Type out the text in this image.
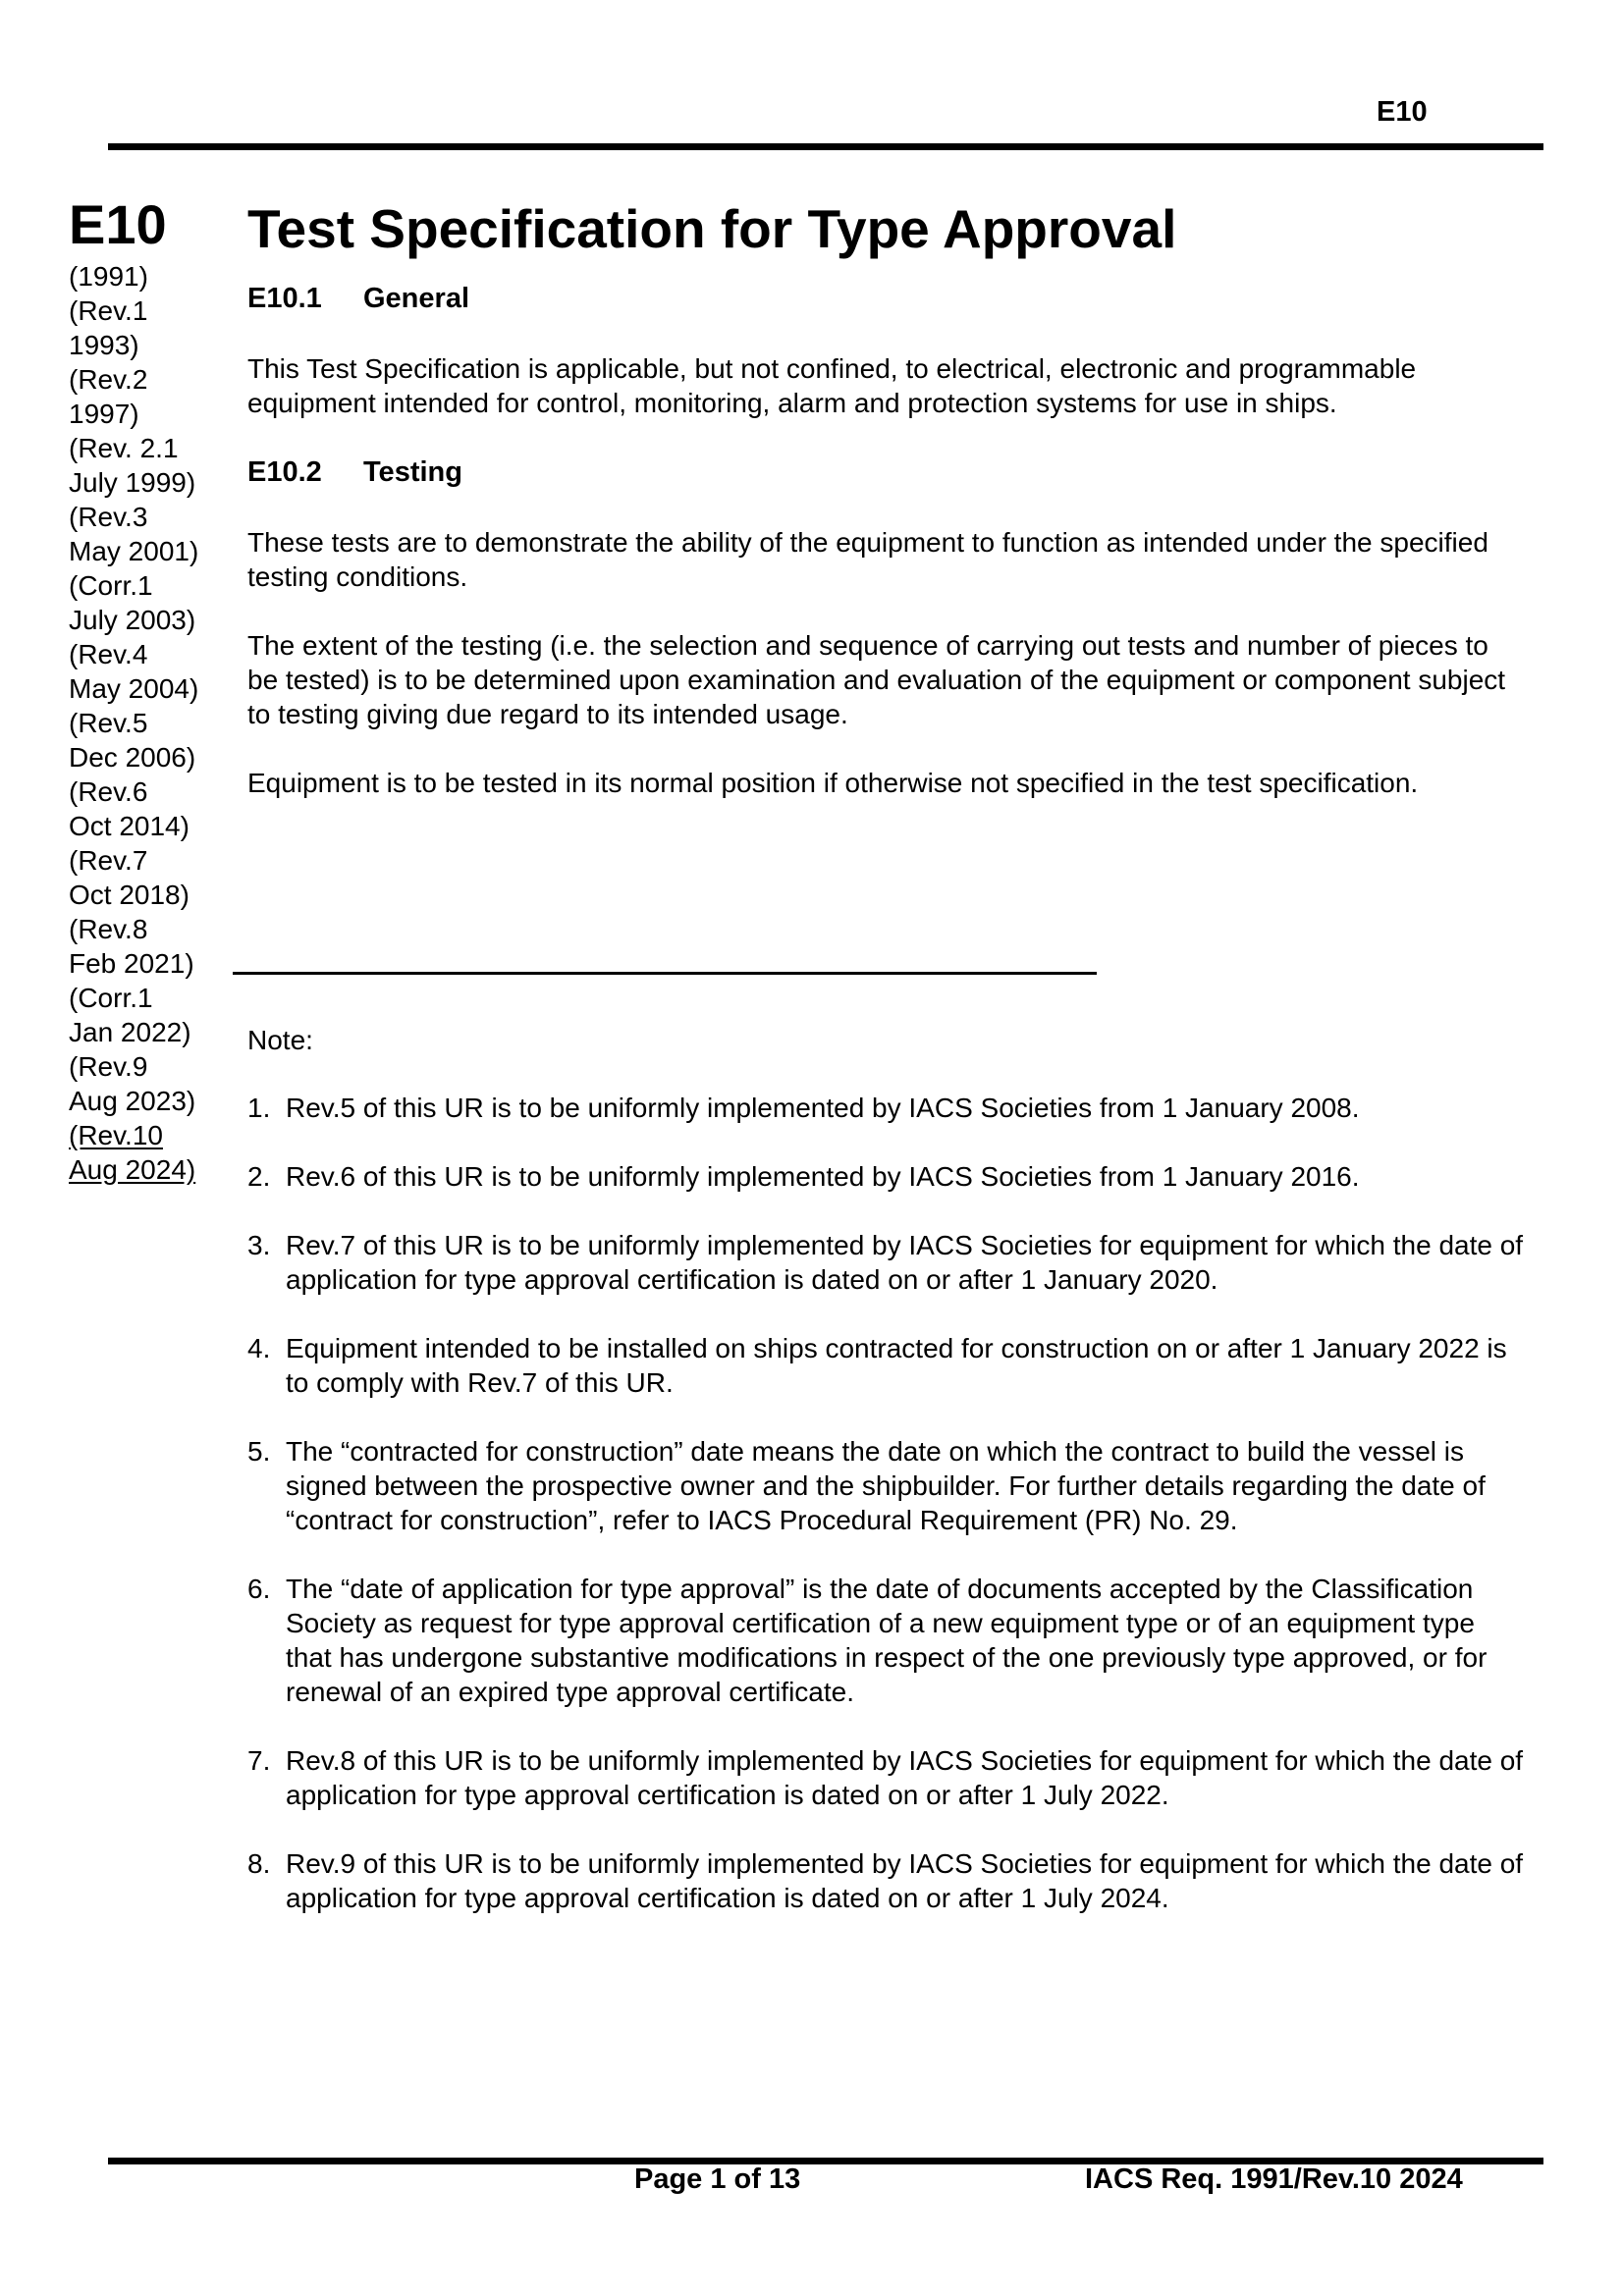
E10
E10
(1991)
(Rev.1
1993)
(Rev.2
1997)
(Rev. 2.1
July 1999)
(Rev.3
May 2001)
(Corr.1
July 2003)
(Rev.4
May 2004)
(Rev.5
Dec 2006)
(Rev.6
Oct 2014)
(Rev.7
Oct 2018)
(Rev.8
Feb 2021)
(Corr.1
Jan 2022)
(Rev.9
Aug 2023)
(Rev.10
Aug 2024)
Test Specification for Type Approval
E10.1 General

This Test Specification is applicable, but not confined, to electrical, electronic and programmable equipment intended for control, monitoring, alarm and protection systems for use in ships.

E10.2 Testing

These tests are to demonstrate the ability of the equipment to function as intended under the specified testing conditions.

The extent of the testing (i.e. the selection and sequence of carrying out tests and number of pieces to be tested) is to be determined upon examination and evaluation of the equipment or component subject to testing giving due regard to its intended usage.

Equipment is to be tested in its normal position if otherwise not specified in the test specification.

Note:
1. Rev.5 of this UR is to be uniformly implemented by IACS Societies from 1 January 2008.
2. Rev.6 of this UR is to be uniformly implemented by IACS Societies from 1 January 2016.
3. Rev.7 of this UR is to be uniformly implemented by IACS Societies for equipment for which the date of application for type approval certification is dated on or after 1 January 2020.
4. Equipment intended to be installed on ships contracted for construction on or after 1 January 2022 is to comply with Rev.7 of this UR.
5. The “contracted for construction” date means the date on which the contract to build the vessel is signed between the prospective owner and the shipbuilder. For further details regarding the date of “contract for construction”, refer to IACS Procedural Requirement (PR) No. 29.
6. The “date of application for type approval” is the date of documents accepted by the Classification Society as request for type approval certification of a new equipment type or of an equipment type that has undergone substantive modifications in respect of the one previously type approved, or for renewal of an expired type approval certificate.
7. Rev.8 of this UR is to be uniformly implemented by IACS Societies for equipment for which the date of application for type approval certification is dated on or after 1 July 2022.
8. Rev.9 of this UR is to be uniformly implemented by IACS Societies for equipment for which the date of application for type approval certification is dated on or after 1 July 2024.
Page 1 of 13	IACS Req. 1991/Rev.10 2024
